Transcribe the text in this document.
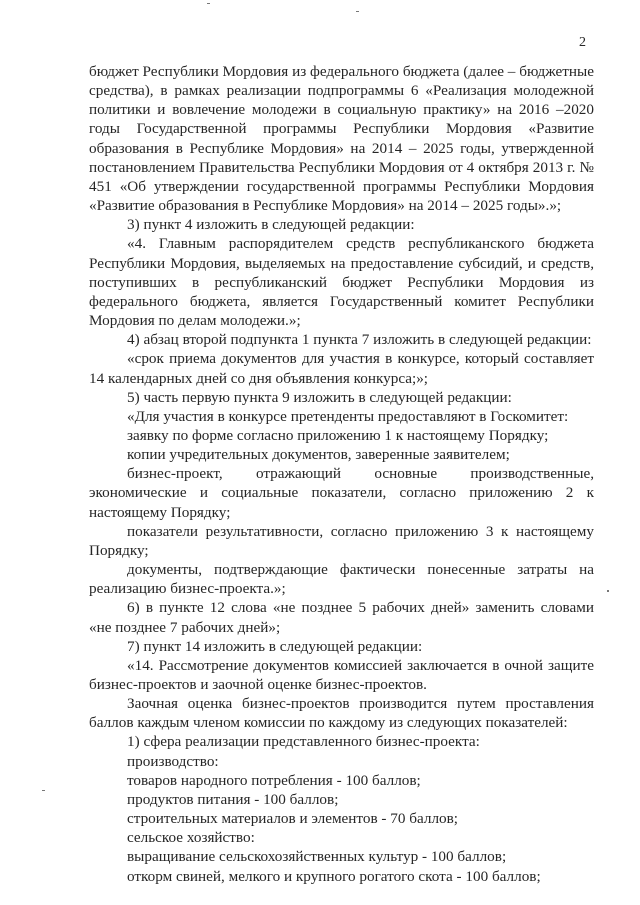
2

бюджет Республики Мордовия из федерального бюджета (далее – бюджетные средства), в рамках реализации подпрограммы 6 «Реализация молодежной политики и вовлечение молодежи в социальную практику» на 2016 –2020 годы Государственной программы Республики Мордовия «Развитие образования в Республике Мордовия» на 2014 – 2025 годы, утвержденной постановлением Правительства Республики Мордовия от 4 октября 2013 г. № 451 «Об утверждении государственной программы Республики Мордовия «Развитие образования в Республике Мордовия» на 2014 – 2025 годы».»;

3) пункт 4 изложить в следующей редакции:

«4. Главным распорядителем средств республиканского бюджета Республики Мордовия, выделяемых на предоставление субсидий, и средств, поступивших в республиканский бюджет Республики Мордовия из федерального бюджета, является Государственный комитет Республики Мордовия по делам молодежи.»;

4) абзац второй подпункта 1 пункта 7 изложить в следующей редакции:

«срок приема документов для участия в конкурсе, который составляет 14 календарных дней со дня объявления конкурса;»;

5) часть первую пункта 9 изложить в следующей редакции:

«Для участия в конкурсе претенденты предоставляют в Госкомитет:

заявку по форме согласно приложению 1 к настоящему Порядку;

копии учредительных документов, заверенные заявителем;

бизнес-проект, отражающий основные производственные, экономические и социальные показатели, согласно приложению 2 к настоящему Порядку;

показатели результативности, согласно приложению 3 к настоящему Порядку;

документы, подтверждающие фактически понесенные затраты на реализацию бизнес-проекта.»;

6) в пункте 12 слова «не позднее 5 рабочих дней» заменить словами «не позднее 7 рабочих дней»;

7) пункт 14 изложить в следующей редакции:

«14. Рассмотрение документов комиссией заключается в очной защите бизнес-проектов и заочной оценке бизнес-проектов.

Заочная оценка бизнес-проектов производится путем проставления баллов каждым членом комиссии по каждому из следующих показателей:

1) сфера реализации представленного бизнес-проекта:

производство:

товаров народного потребления - 100 баллов;

продуктов питания - 100 баллов;

строительных материалов и элементов - 70 баллов;

сельское хозяйство:

выращивание сельскохозяйственных культур - 100 баллов;

откорм свиней, мелкого и крупного рогатого скота - 100 баллов;
